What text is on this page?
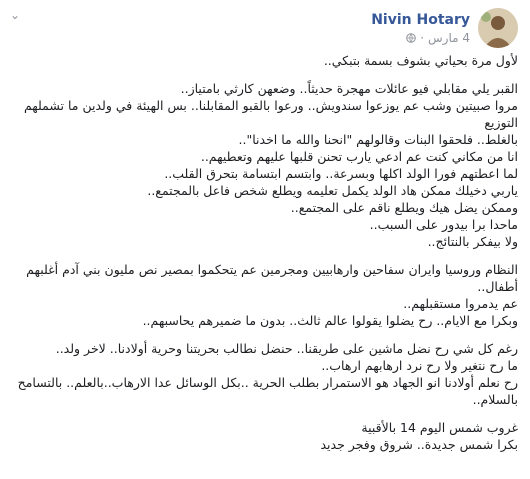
⌄	Nivin Hotary
4 مارس
·

لأول مرة بحياتي بشوف بسمة بتبكي..

القبر يلي مقابلي فيو عائلات مهجرة حديثاً.. وضعهن كارثي بامتياز..

مروا صبيتين وشب عم يوزعوا سندويش.. ورعوا بالقبو المقابلنا.. بس الهيئة في ولدين ما تشملهم التوزيع

بالغلط.. فلحقوا البنات وقالولهم "انحنا والله ما اخدنا"..

انا من مكاني كنت عم ادعي يارب تحنن قلبها عليهم وتعطيهم..

لما اعطتهم فورا الولد اكلها وبسرعة.. وابتسم ابتسامة بتحرق القلب..

ياربي دخيلك ممكن هاد الولد يكمل تعليمه ويطلع شخص فاعل بالمجتمع..

وممكن يضل هيك ويطلع ناقم على المجتمع..

ماحدا برا بيدور على السبب..

ولا بيفكر بالنتائج..

النظام وروسيا وايران سفاحين وارهابيين ومجرمين عم يتحكموا بمصير نص مليون بني آدم أغلبهم

أطفال..

عم يدمروا مستقبلهم..

وبكرا مع الايام.. رح يضلوا يقولوا عالم ثالث.. بدون ما ضميرهم يحاسبهم..

رغم كل شي رح نضل ماشين على طريقنا.. حنضل نطالب بحريتنا وحرية أولادنا.. لاخر ولد..

ما رح نتغير ولا رح نرد ارهابهم ارهاب..

رح نعلم أولادنا انو الجهاد هو الاستمرار بطلب الحرية ..بكل الوسائل عدا الارهاب..بالعلم.. بالتسامح

بالسلام..

غروب شمس اليوم 14 بالأقبية

بكرا شمس جديدة.. شروق وفجر جديد
